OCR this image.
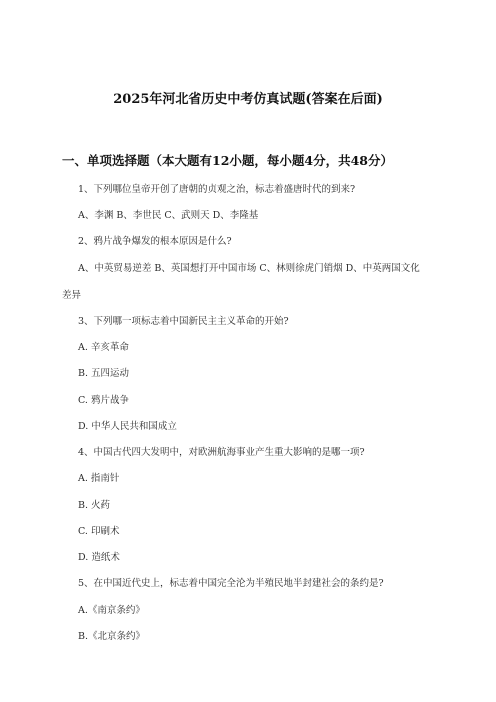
2025年河北省历史中考仿真试题(答案在后面)
一、单项选择题（本大题有12小题，每小题4分，共48分）
1、下列哪位皇帝开创了唐朝的贞观之治，标志着盛唐时代的到来?
A、李渊 B、李世民 C、武则天 D、李隆基
2、鸦片战争爆发的根本原因是什么?
A、中英贸易逆差 B、英国想打开中国市场 C、林则徐虎门销烟 D、中英两国文化
差异
3、下列哪一项标志着中国新民主主义革命的开始?
A. 辛亥革命
B. 五四运动
C. 鸦片战争
D. 中华人民共和国成立
4、中国古代四大发明中，对欧洲航海事业产生重大影响的是哪一项?
A. 指南针
B. 火药
C. 印刷术
D. 造纸术
5、在中国近代史上，标志着中国完全沦为半殖民地半封建社会的条约是?
A.《南京条约》
B.《北京条约》
